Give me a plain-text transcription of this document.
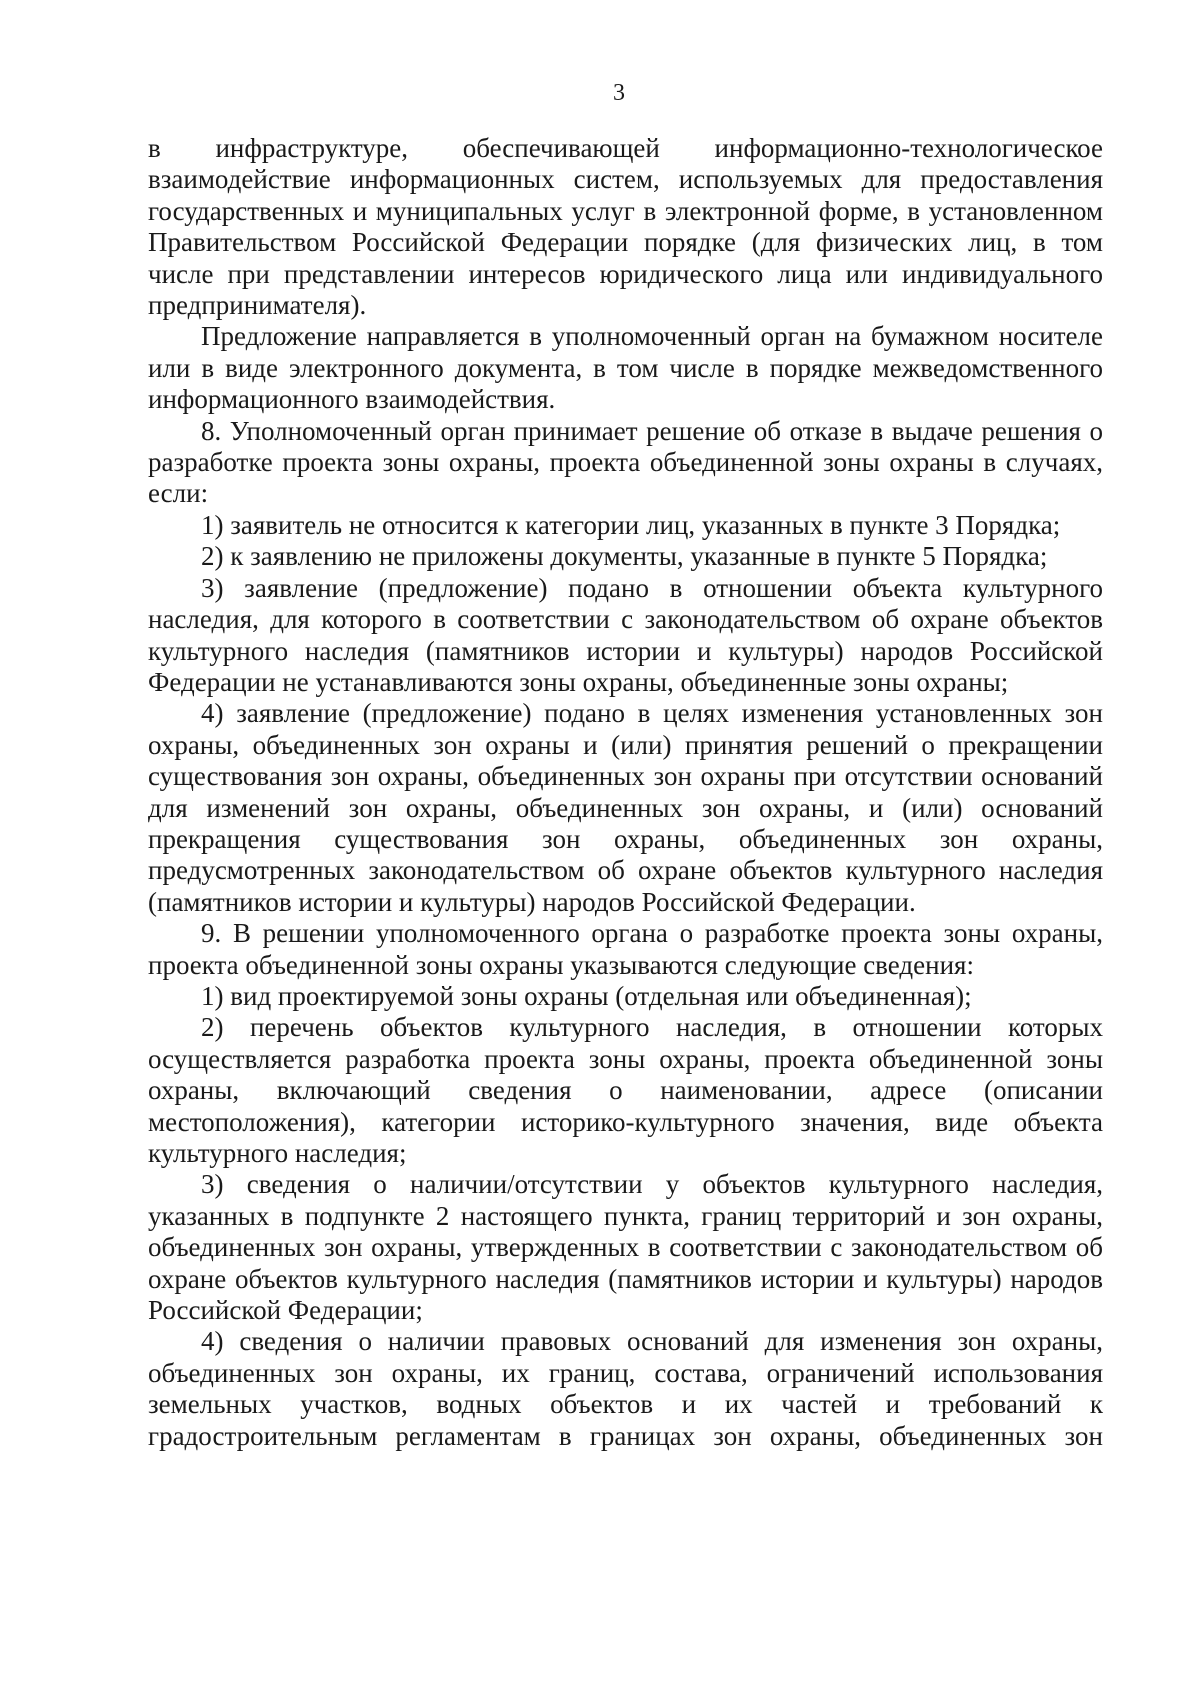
3

в инфраструктуре, обеспечивающей информационно-технологическое взаимодействие информационных систем, используемых для предоставления государственных и муниципальных услуг в электронной форме, в установленном Правительством Российской Федерации порядке (для физических лиц, в том числе при представлении интересов юридического лица или индивидуального предпринимателя).

Предложение направляется в уполномоченный орган на бумажном носителе или в виде электронного документа, в том числе в порядке межведомственного информационного взаимодействия.

8. Уполномоченный орган принимает решение об отказе в выдаче решения о разработке проекта зоны охраны, проекта объединенной зоны охраны в случаях, если:

1) заявитель не относится к категории лиц, указанных в пункте 3 Порядка;

2) к заявлению не приложены документы, указанные в пункте 5 Порядка;

3) заявление (предложение) подано в отношении объекта культурного наследия, для которого в соответствии с законодательством об охране объектов культурного наследия (памятников истории и культуры) народов Российской Федерации не устанавливаются зоны охраны, объединенные зоны охраны;

4) заявление (предложение) подано в целях изменения установленных зон охраны, объединенных зон охраны и (или) принятия решений о прекращении существования зон охраны, объединенных зон охраны при отсутствии оснований для изменений зон охраны, объединенных зон охраны, и (или) оснований прекращения существования зон охраны, объединенных зон охраны, предусмотренных законодательством об охране объектов культурного наследия (памятников истории и культуры) народов Российской Федерации.

9. В решении уполномоченного органа о разработке проекта зоны охраны, проекта объединенной зоны охраны указываются следующие сведения:

1) вид проектируемой зоны охраны (отдельная или объединенная);

2) перечень объектов культурного наследия, в отношении которых осуществляется разработка проекта зоны охраны, проекта объединенной зоны охраны, включающий сведения о наименовании, адресе (описании местоположения), категории историко-культурного значения, виде объекта культурного наследия;

3) сведения о наличии/отсутствии у объектов культурного наследия, указанных в подпункте 2 настоящего пункта, границ территорий и зон охраны, объединенных зон охраны, утвержденных в соответствии с законодательством об охране объектов культурного наследия (памятников истории и культуры) народов Российской Федерации;

4) сведения о наличии правовых оснований для изменения зон охраны, объединенных зон охраны, их границ, состава, ограничений использования земельных участков, водных объектов и их частей и требований к градостроительным регламентам в границах зон охраны, объединенных зон
